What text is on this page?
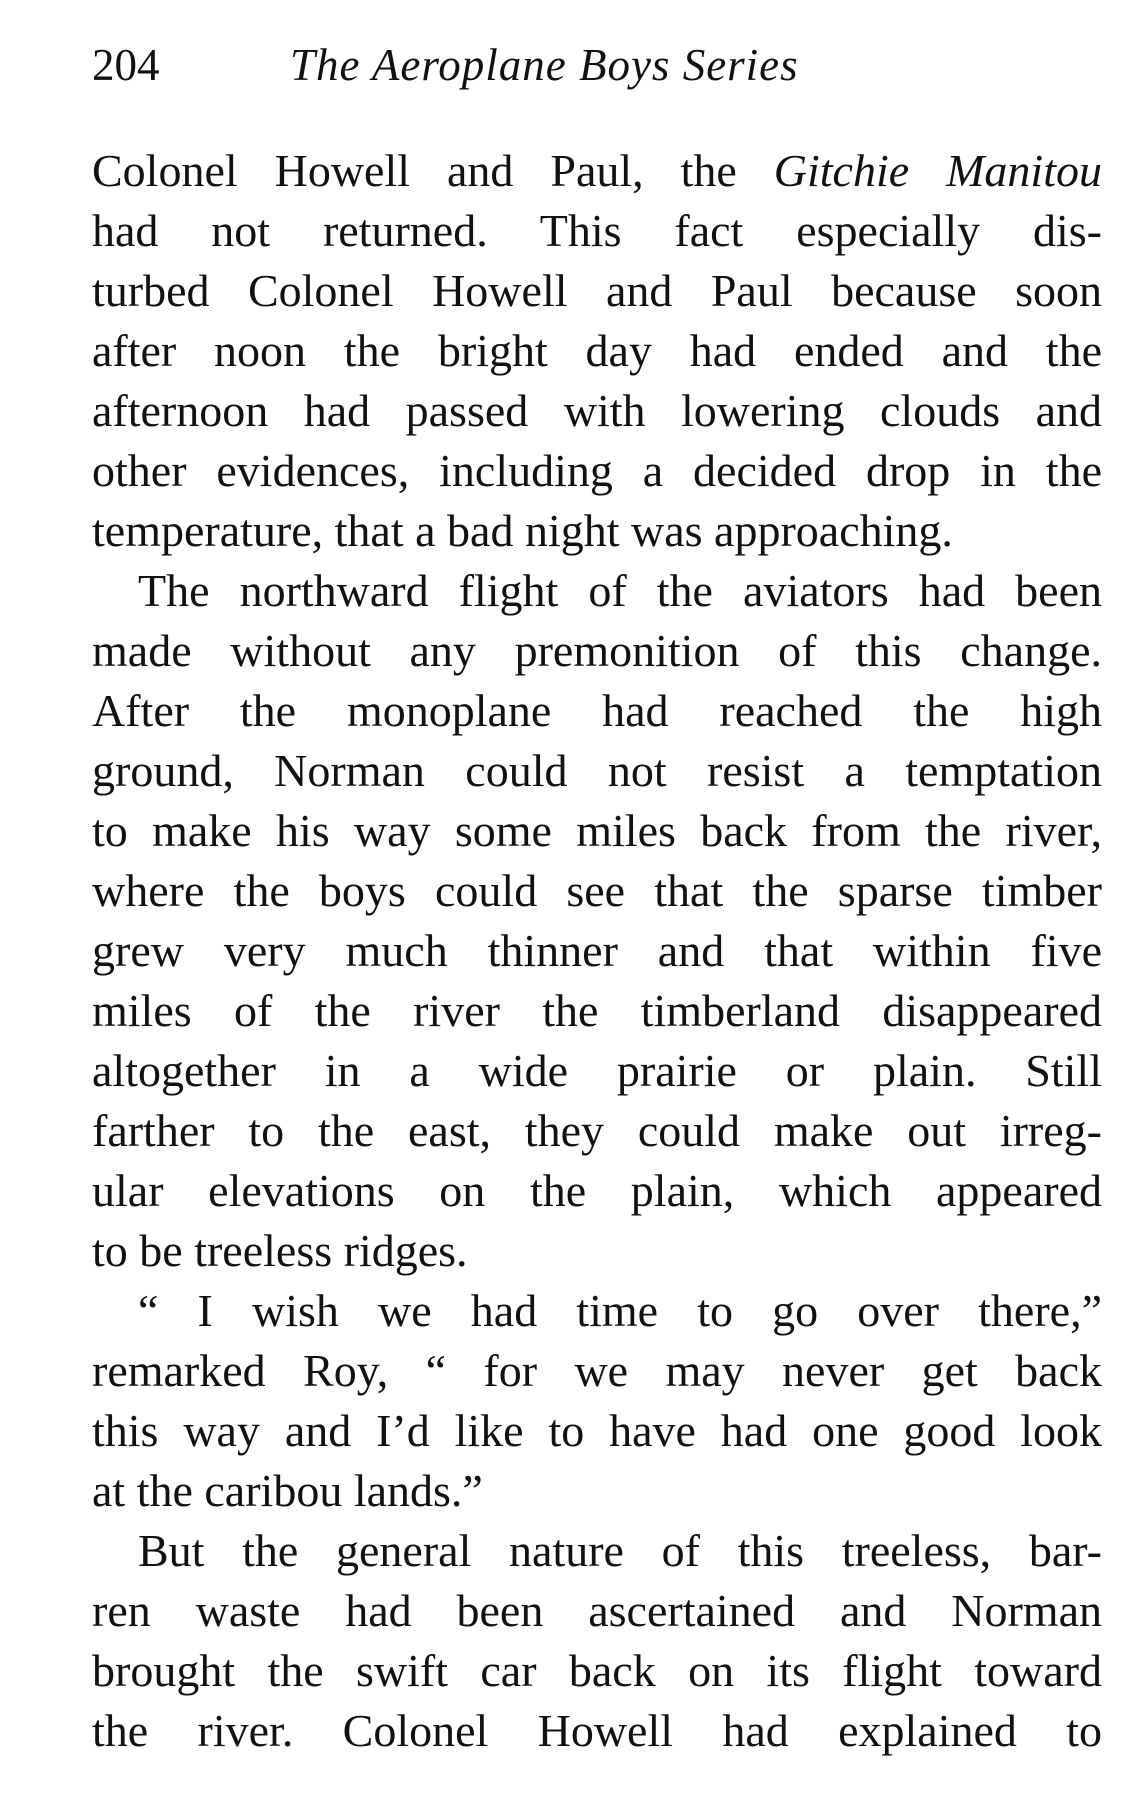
204	The Aeroplane Boys Series
Colonel Howell and Paul, the Gitchie Manitou
had not returned. This fact especially dis-
turbed Colonel Howell and Paul because soon
after noon the bright day had ended and the
afternoon had passed with lowering clouds and
other evidences, including a decided drop in the
temperature, that a bad night was approaching.
The northward flight of the aviators had been
made without any premonition of this change.
After the monoplane had reached the high
ground, Norman could not resist a temptation
to make his way some miles back from the river,
where the boys could see that the sparse timber
grew very much thinner and that within five
miles of the river the timberland disappeared
altogether in a wide prairie or plain. Still
farther to the east, they could make out irreg-
ular elevations on the plain, which appeared
to be treeless ridges.
“ I wish we had time to go over there,”
remarked Roy, “ for we may never get back
this way and I’d like to have had one good look
at the caribou lands.”
But the general nature of this treeless, bar-
ren waste had been ascertained and Norman
brought the swift car back on its flight toward
the river. Colonel Howell had explained to
